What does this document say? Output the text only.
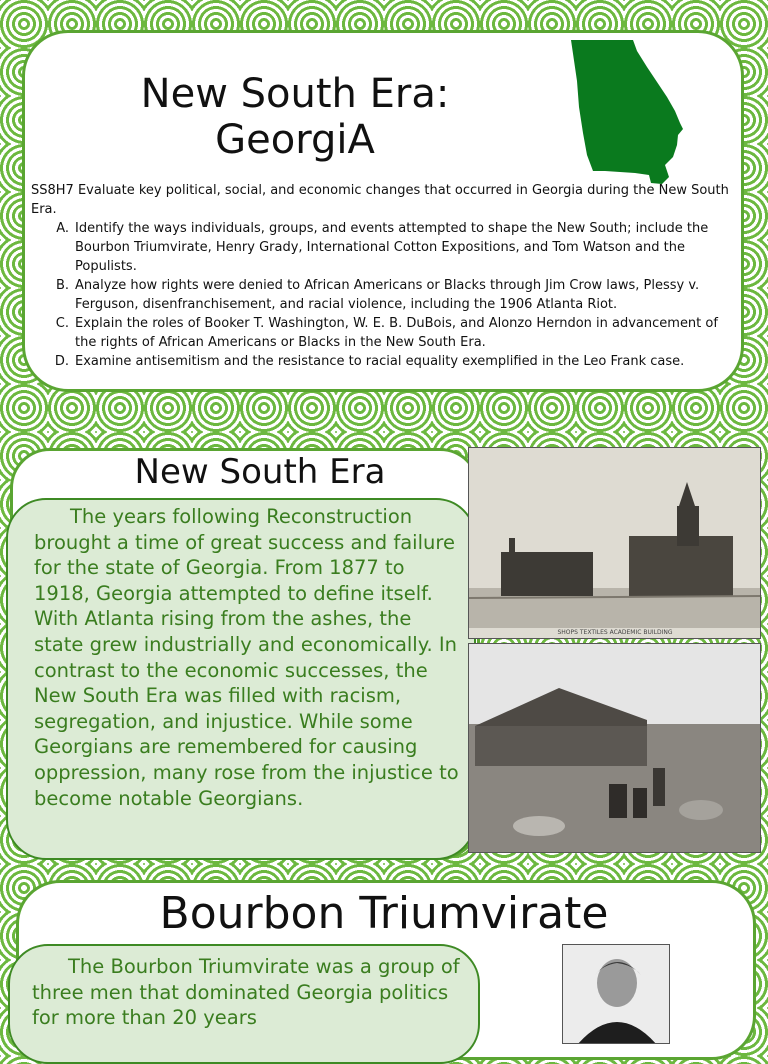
New South Era:
GeorgiA
SS8H7 Evaluate key political, social, and economic changes that occurred in Georgia during the New South Era.
A. Identify the ways individuals, groups, and events attempted to shape the New South; include the Bourbon Triumvirate, Henry Grady, International Cotton Expositions, and Tom Watson and the Populists.
B. Analyze how rights were denied to African Americans or Blacks through Jim Crow laws, Plessy v. Ferguson, disenfranchisement, and racial violence, including the 1906 Atlanta Riot.
C. Explain the roles of Booker T. Washington, W. E. B. DuBois, and Alonzo Herndon in advancement of the rights of African Americans or Blacks in the New South Era.
D. Examine antisemitism and the resistance to racial equality exemplified in the Leo Frank case.
New South Era
The years following Reconstruction brought a time of great success and failure for the state of Georgia. From 1877 to 1918, Georgia attempted to define itself. With Atlanta rising from the ashes, the state grew industrially and economically. In contrast to the economic successes, the New South Era was filled with racism, segregation, and injustice. While some Georgians are remembered for causing oppression, many rose from the injustice to become notable Georgians.
SHOPS TEXTILES ACADEMIC BUILDING
Bourbon Triumvirate
The Bourbon Triumvirate was a group of three men that dominated Georgia politics for more than 20 years
